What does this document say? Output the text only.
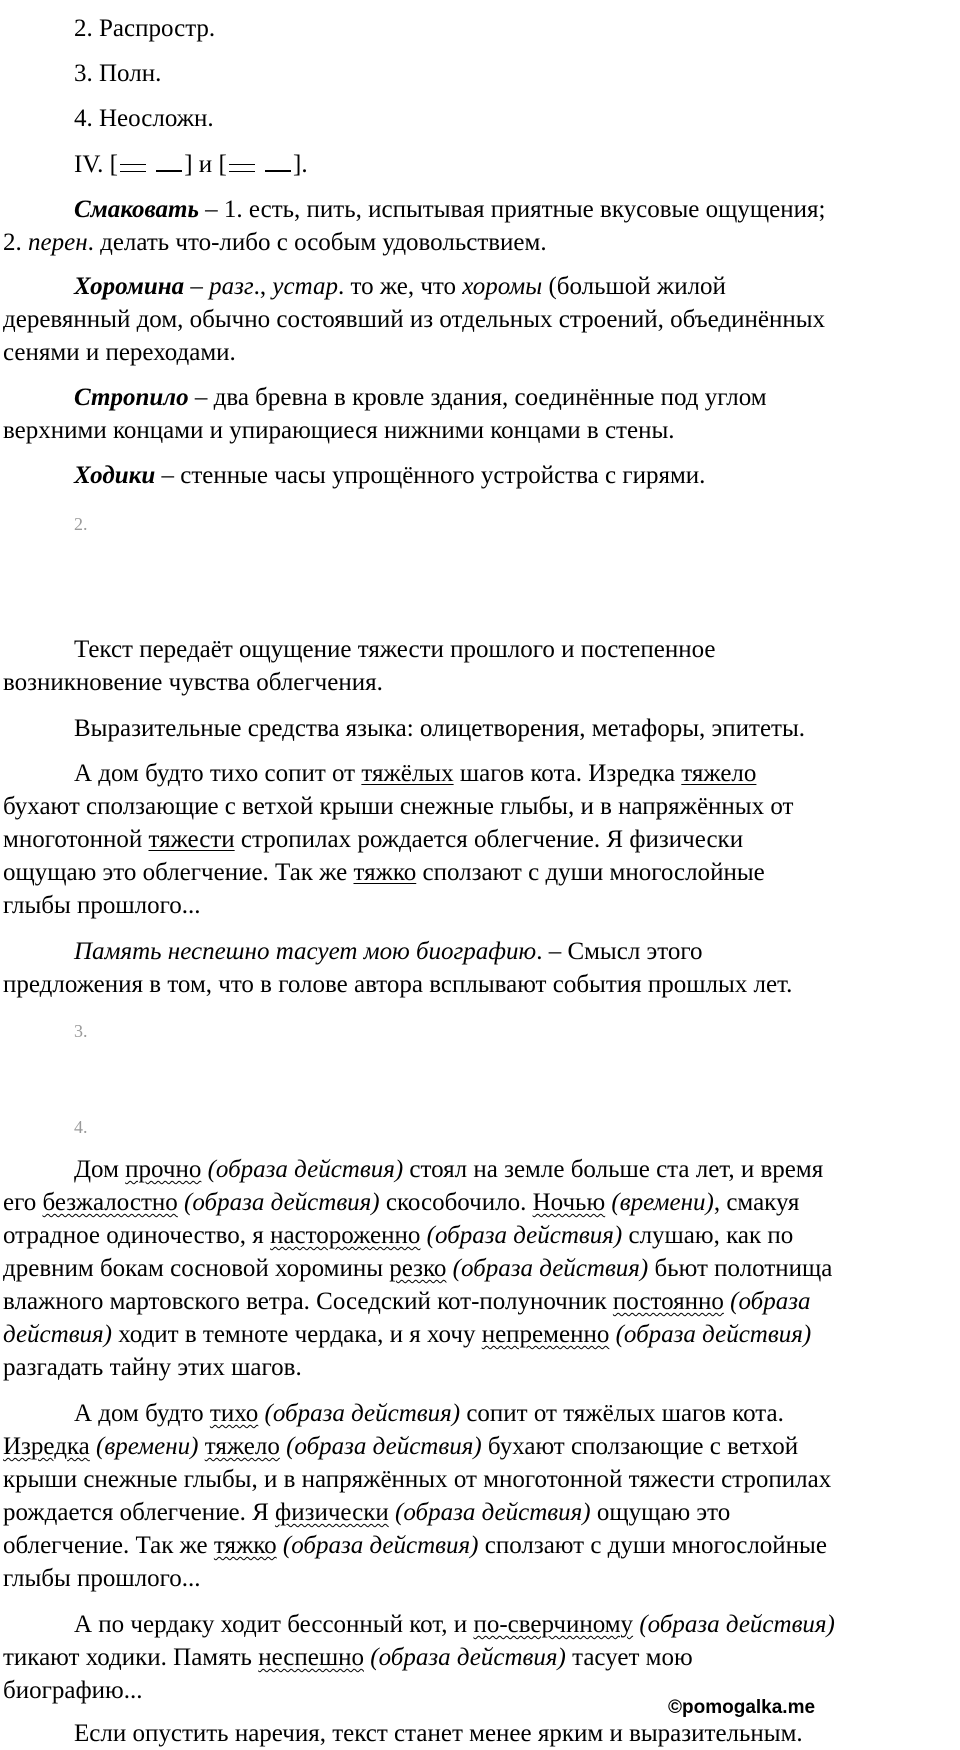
2. Распростр.
3. Полн.
4. Неосложн.
IV. [	] и [	].
Смаковать – 1. есть, пить, испытывая приятные вкусовые ощущения;
2. перен. делать что-либо с особым удовольствием.
Хоромина – разг., устар. то же, что хоромы (большой жилой
деревянный дом, обычно состоявший из отдельных строений, объединённых
сенями и переходами.
Стропило – два бревна в кровле здания, соединённые под углом
верхними концами и упирающиеся нижними концами в стены.
Ходики – стенные часы упрощённого устройства с гирями.
2.
Текст передаёт ощущение тяжести прошлого и постепенное
возникновение чувства облегчения.
Выразительные средства языка: олицетворения, метафоры, эпитеты.
А дом будто тихо сопит от тяжёлых шагов кота. Изредка тяжело
бухают сползающие с ветхой крыши снежные глыбы, и в напряжённых от
многотонной тяжести стропилах рождается облегчение. Я физически
ощущаю это облегчение. Так же тяжко сползают с души многослойные
глыбы прошлого...
Память неспешно тасует мою биографию. – Смысл этого
предложения в том, что в голове автора всплывают события прошлых лет.
3.
4.
Дом прочно (образа действия) стоял на земле больше ста лет, и время
его безжалостно (образа действия) скособочило. Ночью (времени), смакуя
отрадное одиночество, я настороженно (образа действия) слушаю, как по
древним бокам сосновой хоромины резко (образа действия) бьют полотнища
влажного мартовского ветра. Соседский кот-полуночник постоянно (образа
действия) ходит в темноте чердака, и я хочу непременно (образа действия)
разгадать тайну этих шагов.
А дом будто тихо (образа действия) сопит от тяжёлых шагов кота.
Изредка (времени) тяжело (образа действия) бухают сползающие с ветхой
крыши снежные глыбы, и в напряжённых от многотонной тяжести стропилах
рождается облегчение. Я физически (образа действия) ощущаю это
облегчение. Так же тяжко (образа действия) сползают с души многослойные
глыбы прошлого...
А по чердаку ходит бессонный кот, и по-сверчиному (образа действия)
тикают ходики. Память неспешно (образа действия) тасует мою
биографию...
©pomogalka.me
Если опустить наречия, текст станет менее ярким и выразительным.
